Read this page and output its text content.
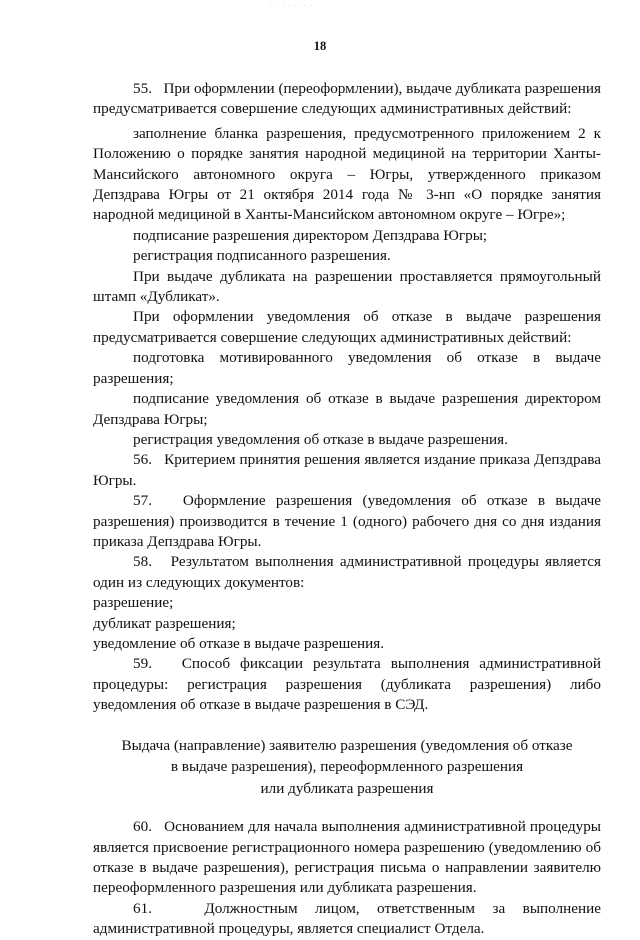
· · · · ·· · ·
18

55.   При оформлении (переоформлении), выдаче дубликата разрешения предусматривается совершение следующих административных действий:

заполнение бланка разрешения, предусмотренного приложением 2 к Положению о порядке занятия народной медициной на территории Ханты-Мансийского автономного округа – Югры, утвержденного приказом Депздрава Югры от 21 октября 2014 года № 3-нп «О порядке занятия народной медициной в Ханты-Мансийском автономном округе – Югре»;

подписание разрешения директором Депздрава Югры;

регистрация подписанного разрешения.

При выдаче дубликата на разрешении проставляется прямоугольный штамп «Дубликат».

При оформлении уведомления об отказе в выдаче разрешения предусматривается совершение следующих административных действий:

подготовка мотивированного уведомления об отказе в выдаче разрешения;

подписание уведомления об отказе в выдаче разрешения директором Депздрава Югры;

регистрация уведомления об отказе в выдаче разрешения.

56.   Критерием принятия решения является издание приказа Депздрава Югры.

57.   Оформление разрешения (уведомления об отказе в выдаче разрешения) производится в течение 1 (одного) рабочего дня со дня издания приказа Депздрава Югры.

58.   Результатом выполнения административной процедуры является один из следующих документов:

разрешение;

дубликат разрешения;

уведомление об отказе в выдаче разрешения.

59.   Способ фиксации результата выполнения административной процедуры: регистрация разрешения (дубликата разрешения) либо уведомления об отказе в выдаче разрешения в СЭД.

Выдача (направление) заявителю разрешения (уведомления об отказе
в выдаче разрешения), переоформленного разрешения
или дубликата разрешения

60.   Основанием для начала выполнения административной процедуры является присвоение регистрационного номера разрешению (уведомлению об отказе в выдаче разрешения), регистрация письма о направлении заявителю переоформленного разрешения или дубликата разрешения.

61.   Должностным лицом, ответственным за выполнение административной процедуры, является специалист Отдела.
